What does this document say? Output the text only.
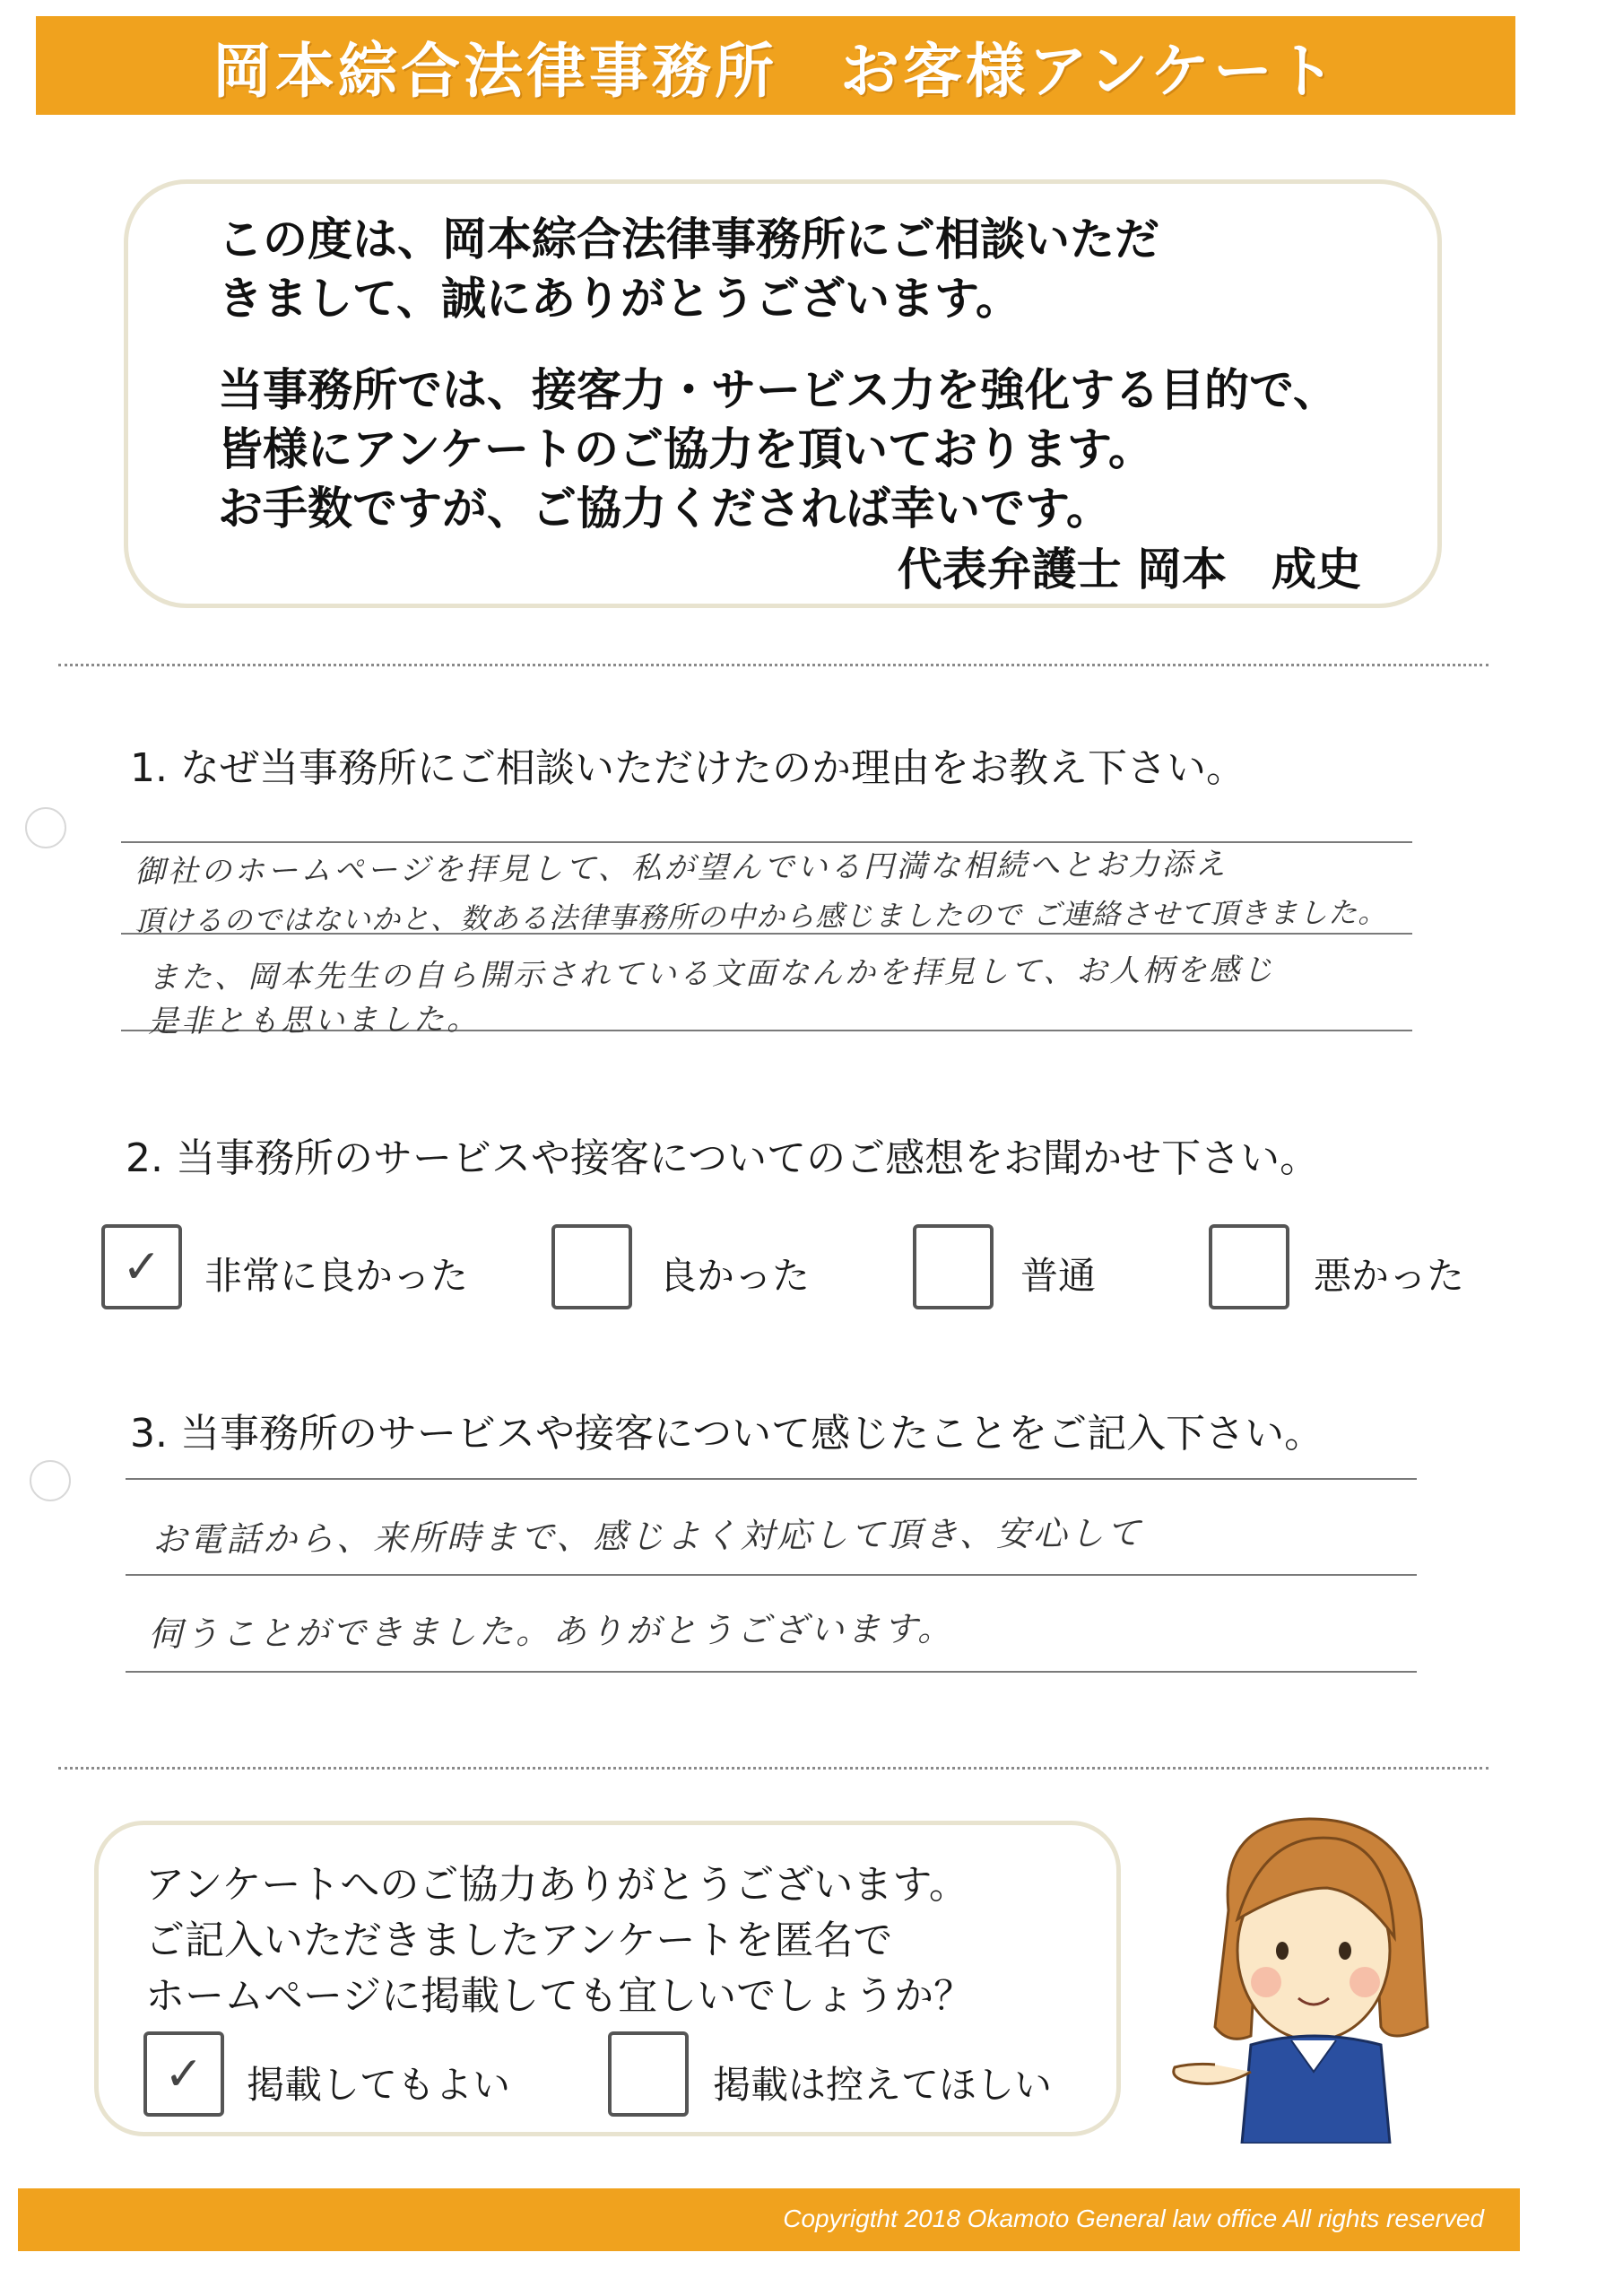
岡本綜合法律事務所　お客様アンケート
この度は、岡本綜合法律事務所にご相談いただ
きまして、誠にありがとうございます。
当事務所では、接客力・サービス力を強化する目的で、
皆様にアンケートのご協力を頂いております。
お手数ですが、ご協力くだされば幸いです。
代表弁護士 岡本　成史
1. なぜ当事務所にご相談いただけたのか理由をお教え下さい。
御社のホームページを拝見して、私が望んでいる円満な相続へとお力添え
頂けるのではないかと、数ある法律事務所の中から感じましたので ご連絡させて頂きました。
また、岡本先生の自ら開示されている文面なんかを拝見して、お人柄を感じ
是非とも思いました。
2. 当事務所のサービスや接客についてのご感想をお聞かせ下さい。
✓	非常に良かった	良かった	普通	悪かった
3. 当事務所のサービスや接客について感じたことをご記入下さい。
お電話から、来所時まで、感じよく対応して頂き、安心して
伺うことができました。ありがとうございます。
アンケートへのご協力ありがとうございます。
ご記入いただきましたアンケートを匿名で
ホームページに掲載しても宜しいでしょうか？
✓	掲載してもよい	掲載は控えてほしい
Copyrigtht 2018 Okamoto General law office All rights reserved
